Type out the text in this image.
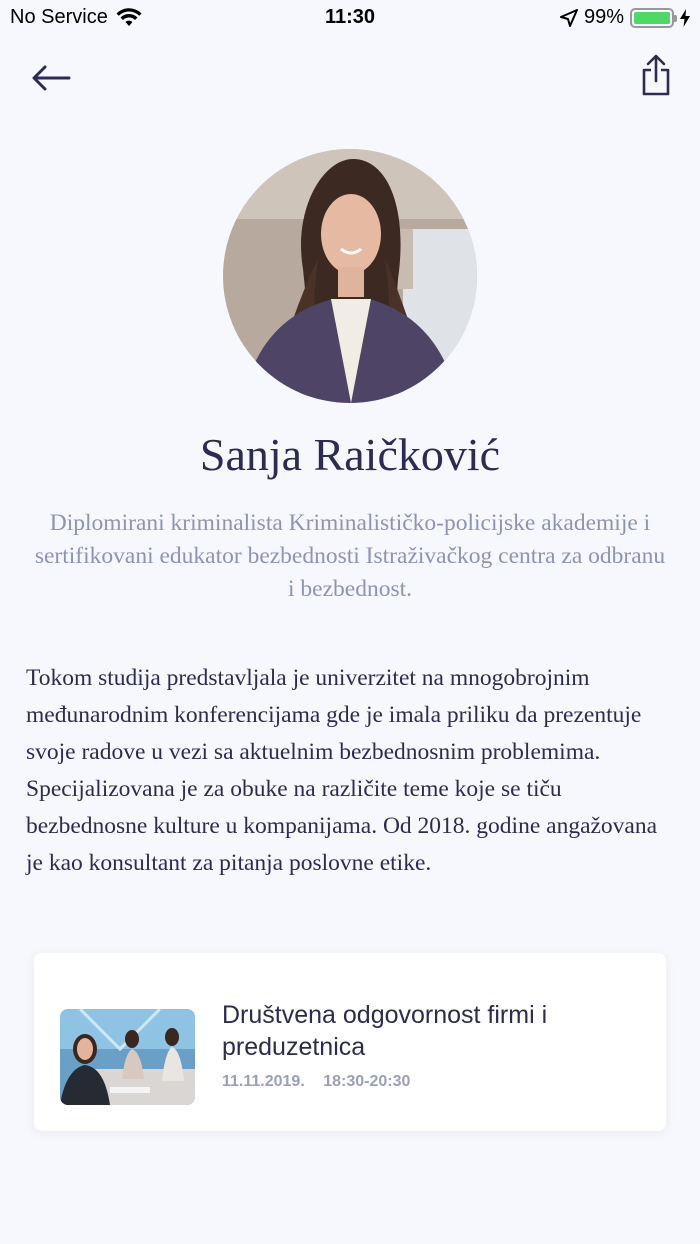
No Service	11:30	99%
Sanja Raičković
Diplomirani kriminalista Kriminalističko-policijske akademije i sertifikovani edukator bezbednosti Istraživačkog centra za odbranu i bezbednost.
Tokom studija predstavljala je univerzitet na mnogobrojnim međunarodnim konferencijama gde je imala priliku da prezentuje svoje radove u vezi sa aktuelnim bezbednosnim problemima. Specijalizovana je za obuke na različite teme koje se tiču bezbednosne kulture u kompanijama. Od 2018. godine angažovana je kao konsultant za pitanja poslovne etike.
Društvena odgovornost firmi i preduzetnica
11.11.2019. 18:30-20:30
